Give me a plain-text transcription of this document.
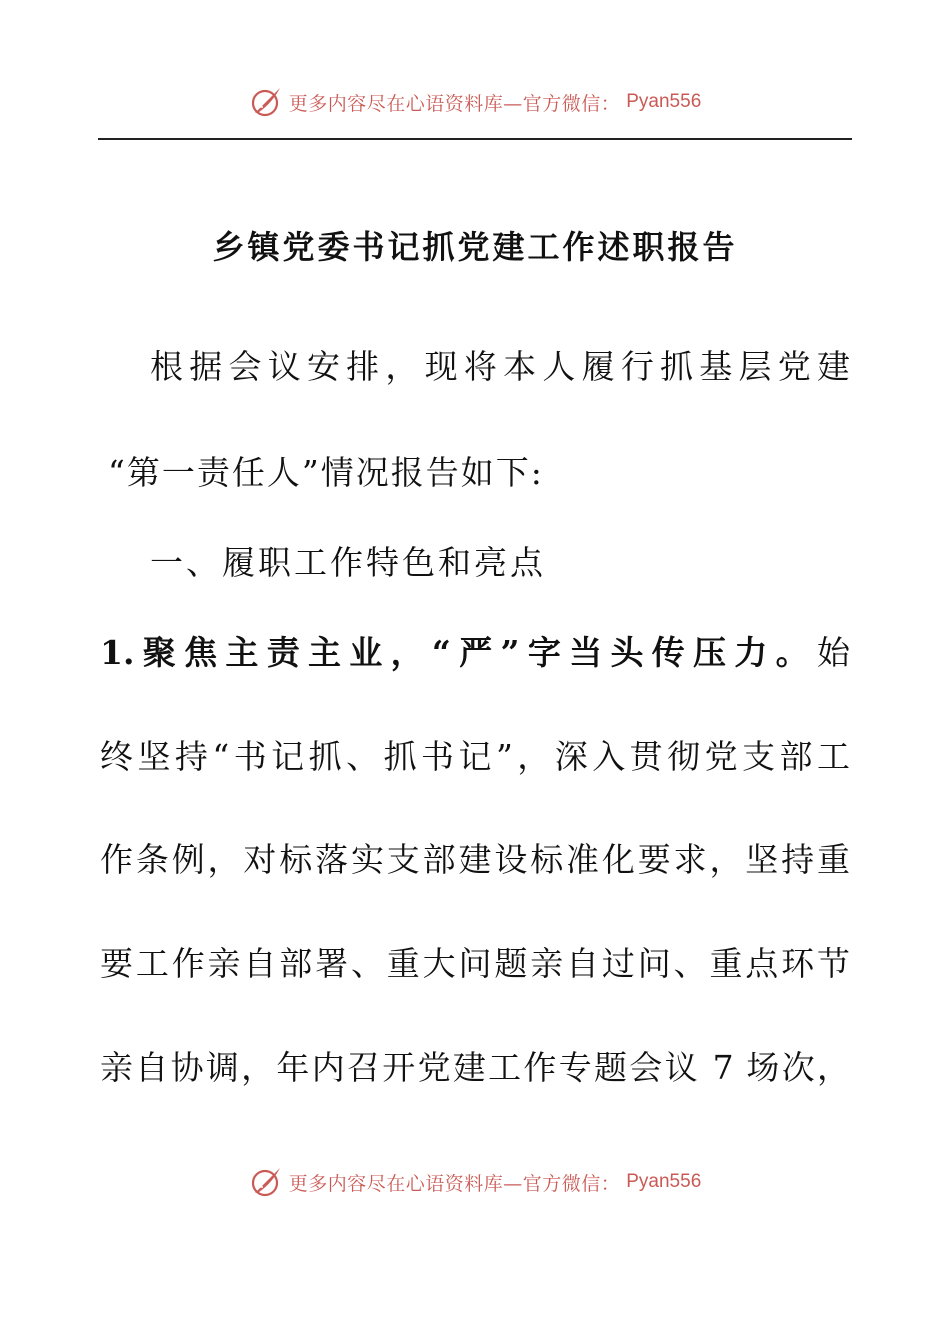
更多内容尽在心语资料库—官方微信： Pyan556
乡镇党委书记抓党建工作述职报告
根据会议安排，现将本人履行抓基层党建
“第一责任人”情况报告如下:
一、履职工作特色和亮点
1.聚焦主责主业，“严”字当头传压力。始
终坚持“书记抓、抓书记”，深入贯彻党支部工
作条例，对标落实支部建设标准化要求，坚持重
要工作亲自部署、重大问题亲自过问、重点环节
亲自协调，年内召开党建工作专题会议 7 场次，
更多内容尽在心语资料库—官方微信： Pyan556
